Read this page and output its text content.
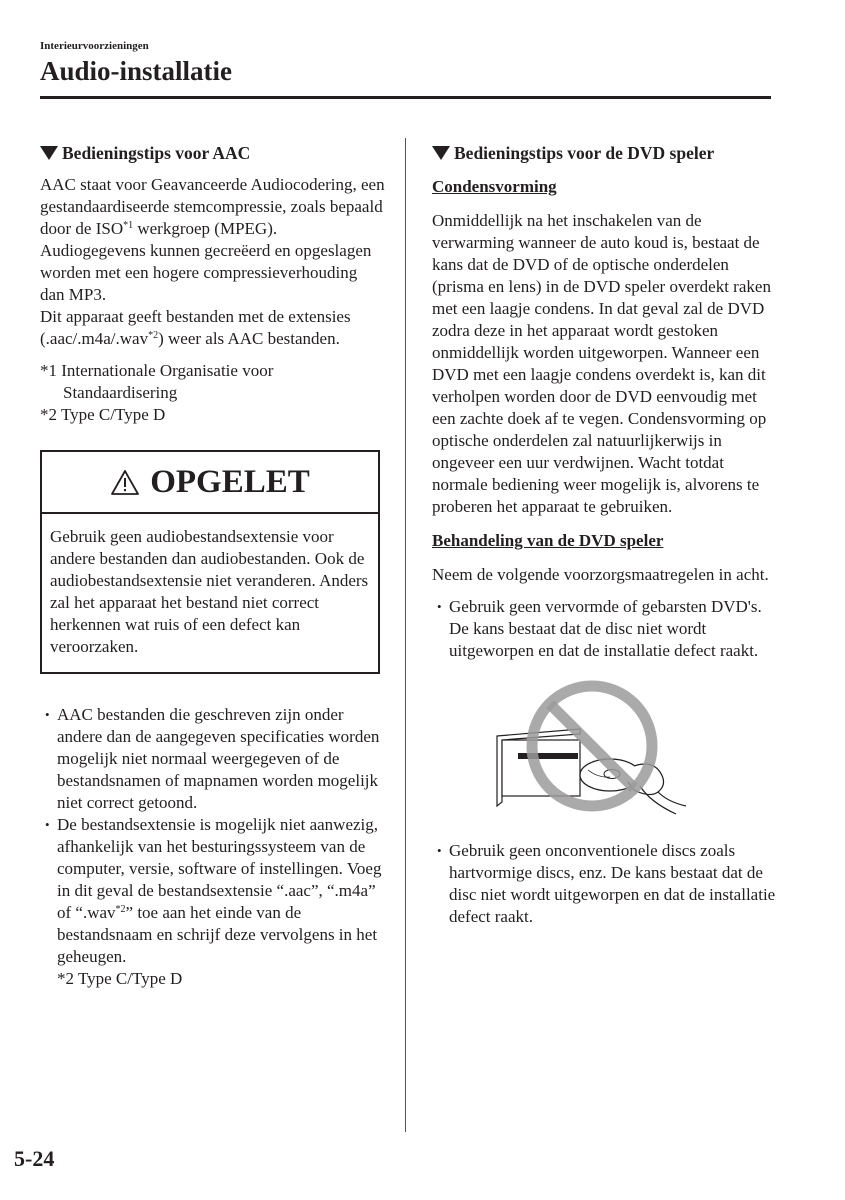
Interieurvoorzieningen
Audio-installatie
Bedieningstips voor AAC

AAC staat voor Geavanceerde Audiocodering, een gestandaardiseerde stemcompressie, zoals bepaald door de ISO$^{*1}$ werkgroep (MPEG). Audiogegevens kunnen gecreëerd en opgeslagen worden met een hogere compressieverhouding dan MP3.

Dit apparaat geeft bestanden met de extensies (.aac/.m4a/.wav$^{*2}$) weer als AAC bestanden.

*1 Internationale Organisatie voor Standaardisering

*2 Type C/Type D

OPGELET
Gebruik geen audiobestandsextensie voor andere bestanden dan audiobestanden. Ook de audiobestandsextensie niet veranderen. Anders zal het apparaat het bestand niet correct herkennen wat ruis of een defect kan veroorzaken.
• AAC bestanden die geschreven zijn onder andere dan de aangegeven specificaties worden mogelijk niet normaal weergegeven of de bestandsnamen of mapnamen worden mogelijk niet correct getoond.
• De bestandsextensie is mogelijk niet aanwezig, afhankelijk van het besturingssysteem van de computer, versie, software of instellingen. Voeg in dit geval de bestandsextensie “.aac”, “.m4a” of “.wav$^{*2}$” toe aan het einde van de bestandsnaam en schrijf deze vervolgens in het geheugen.

*2 Type C/Type D

Bedieningstips voor de DVD speler

Condensvorming

Onmiddellijk na het inschakelen van de verwarming wanneer de auto koud is, bestaat de kans dat de DVD of de optische onderdelen (prisma en lens) in de DVD speler overdekt raken met een laagje condens. In dat geval zal de DVD zodra deze in het apparaat wordt gestoken onmiddellijk worden uitgeworpen. Wanneer een DVD met een laagje condens overdekt is, kan dit verholpen worden door de DVD eenvoudig met een zachte doek af te vegen. Condensvorming op optische onderdelen zal natuurlijkerwijs in ongeveer een uur verdwijnen. Wacht totdat normale bediening weer mogelijk is, alvorens te proberen het apparaat te gebruiken.

Behandeling van de DVD speler

Neem de volgende voorzorgsmaatregelen in acht.

• Gebruik geen vervormde of gebarsten DVD's. De kans bestaat dat de disc niet wordt uitgeworpen en dat de installatie defect raakt.
• Gebruik geen onconventionele discs zoals hartvormige discs, enz. De kans bestaat dat de disc niet wordt uitgeworpen en dat de installatie defect raakt.
5-24
